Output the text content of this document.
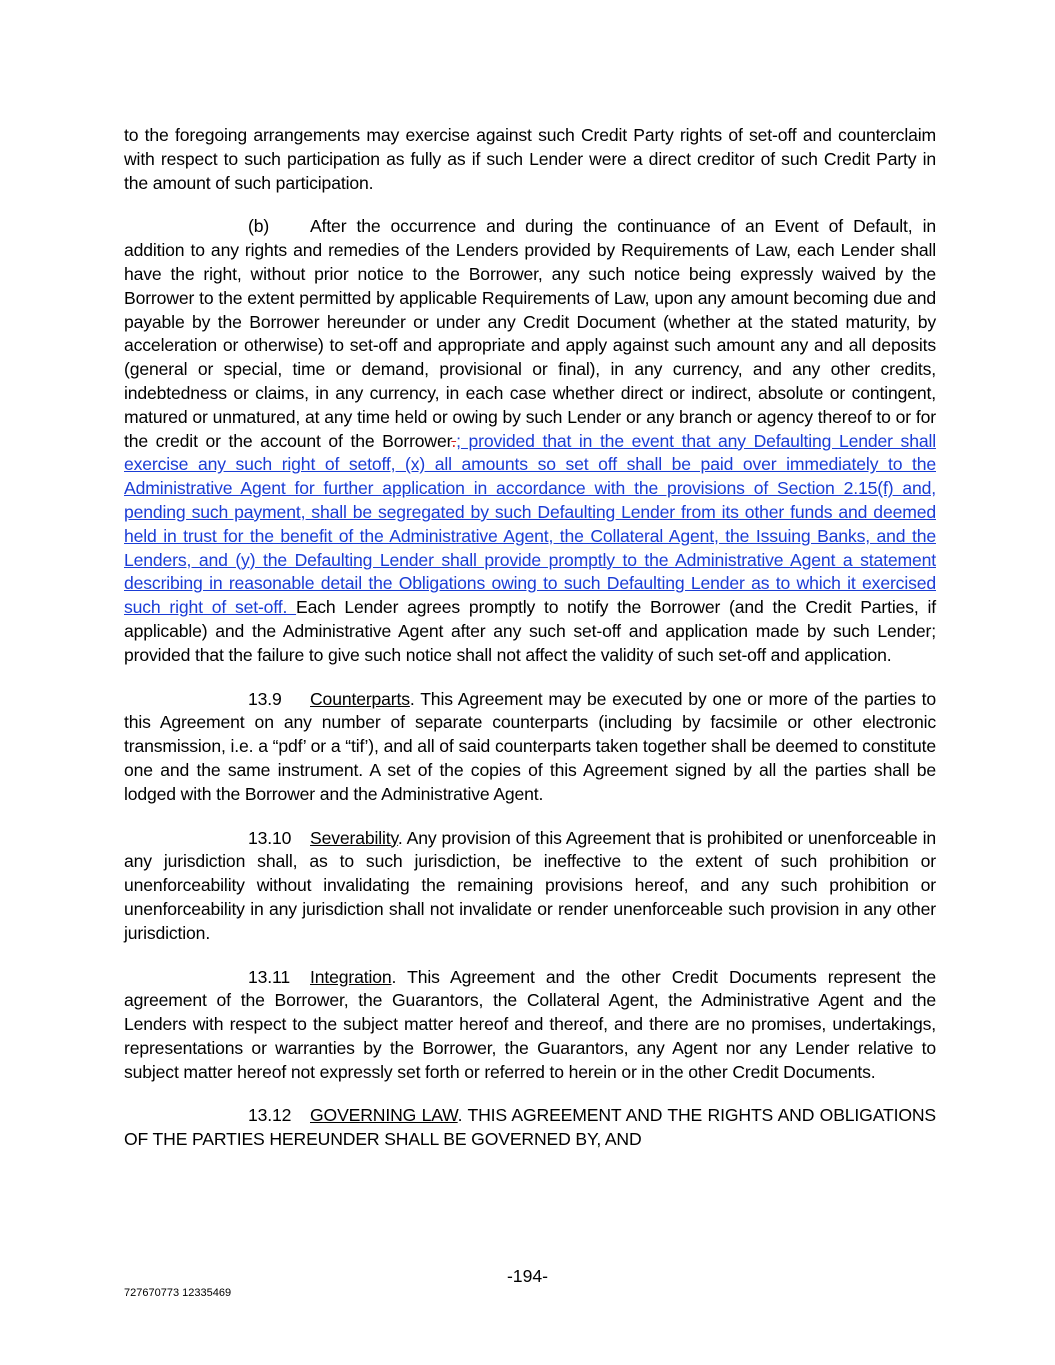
to the foregoing arrangements may exercise against such Credit Party rights of set-off and counterclaim with respect to such participation as fully as if such Lender were a direct creditor of such Credit Party in the amount of such participation.

(b) After the occurrence and during the continuance of an Event of Default, in addition to any rights and remedies of the Lenders provided by Requirements of Law, each Lender shall have the right, without prior notice to the Borrower, any such notice being expressly waived by the Borrower to the extent permitted by applicable Requirements of Law, upon any amount becoming due and payable by the Borrower hereunder or under any Credit Document (whether at the stated maturity, by acceleration or otherwise) to set-off and appropriate and apply against such amount any and all deposits (general or special, time or demand, provisional or final), in any currency, and any other credits, indebtedness or claims, in any currency, in each case whether direct or indirect, absolute or contingent, matured or unmatured, at any time held or owing by such Lender or any branch or agency thereof to or for the credit or the account of the Borrower.; provided that in the event that any Defaulting Lender shall exercise any such right of setoff, (x) all amounts so set off shall be paid over immediately to the Administrative Agent for further application in accordance with the provisions of Section 2.15(f) and, pending such payment, shall be segregated by such Defaulting Lender from its other funds and deemed held in trust for the benefit of the Administrative Agent, the Collateral Agent, the Issuing Banks, and the Lenders, and (y) the Defaulting Lender shall provide promptly to the Administrative Agent a statement describing in reasonable detail the Obligations owing to such Defaulting Lender as to which it exercised such right of set-off. Each Lender agrees promptly to notify the Borrower (and the Credit Parties, if applicable) and the Administrative Agent after any such set-off and application made by such Lender; provided that the failure to give such notice shall not affect the validity of such set-off and application.

13.9 Counterparts. This Agreement may be executed by one or more of the parties to this Agreement on any number of separate counterparts (including by facsimile or other electronic transmission, i.e. a “pdf’ or a “tif’), and all of said counterparts taken together shall be deemed to constitute one and the same instrument. A set of the copies of this Agreement signed by all the parties shall be lodged with the Borrower and the Administrative Agent.

13.10 Severability. Any provision of this Agreement that is prohibited or unenforceable in any jurisdiction shall, as to such jurisdiction, be ineffective to the extent of such prohibition or unenforceability without invalidating the remaining provisions hereof, and any such prohibition or unenforceability in any jurisdiction shall not invalidate or render unenforceable such provision in any other jurisdiction.

13.11 Integration. This Agreement and the other Credit Documents represent the agreement of the Borrower, the Guarantors, the Collateral Agent, the Administrative Agent and the Lenders with respect to the subject matter hereof and thereof, and there are no promises, undertakings, representations or warranties by the Borrower, the Guarantors, any Agent nor any Lender relative to subject matter hereof not expressly set forth or referred to herein or in the other Credit Documents.

13.12 GOVERNING LAW. THIS AGREEMENT AND THE RIGHTS AND OBLIGATIONS OF THE PARTIES HEREUNDER SHALL BE GOVERNED BY, AND

-194-
727670773 12335469
